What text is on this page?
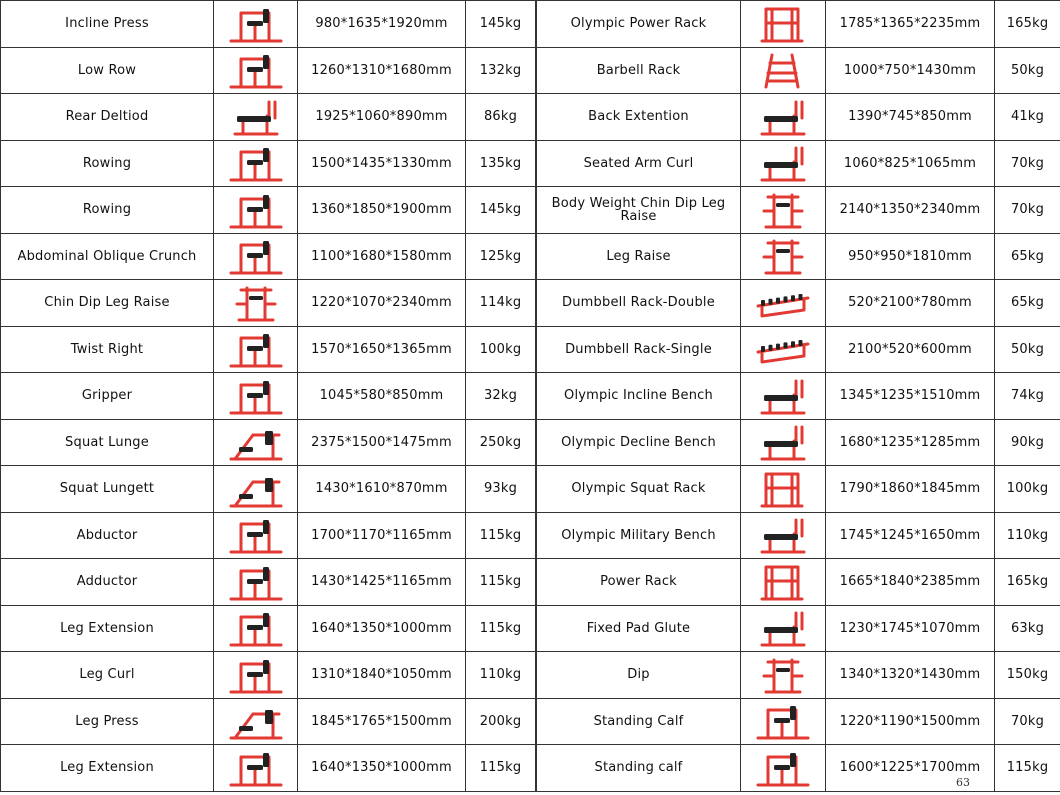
Incline Press		980*1635*1920mm	145kg
Low Row		1260*1310*1680mm	132kg
Rear Deltiod		1925*1060*890mm	86kg
Rowing		1500*1435*1330mm	135kg
Rowing		1360*1850*1900mm	145kg
Abdominal Oblique Crunch		1100*1680*1580mm	125kg
Chin Dip Leg Raise		1220*1070*2340mm	114kg
Twist Right		1570*1650*1365mm	100kg
Gripper		1045*580*850mm	32kg
Squat Lunge		2375*1500*1475mm	250kg
Squat Lungett		1430*1610*870mm	93kg
Abductor		1700*1170*1165mm	115kg
Adductor		1430*1425*1165mm	115kg
Leg Extension		1640*1350*1000mm	115kg
Leg Curl		1310*1840*1050mm	110kg
Leg Press		1845*1765*1500mm	200kg
Leg Extension		1640*1350*1000mm	115kg
Olympic Power Rack		1785*1365*2235mm	165kg
Barbell Rack		1000*750*1430mm	50kg
Back Extention		1390*745*850mm	41kg
Seated Arm Curl		1060*825*1065mm	70kg
Body Weight Chin Dip Leg Raise		2140*1350*2340mm	70kg
Leg Raise		950*950*1810mm	65kg
Dumbbell Rack-Double		520*2100*780mm	65kg
Dumbbell Rack-Single		2100*520*600mm	50kg
Olympic Incline Bench		1345*1235*1510mm	74kg
Olympic Decline Bench		1680*1235*1285mm	90kg
Olympic Squat Rack		1790*1860*1845mm	100kg
Olympic Military Bench		1745*1245*1650mm	110kg
Power Rack		1665*1840*2385mm	165kg
Fixed Pad Glute		1230*1745*1070mm	63kg
Dip		1340*1320*1430mm	150kg
Standing Calf		1220*1190*1500mm	70kg
Standing calf		1600*1225*1700mm	115kg
63
